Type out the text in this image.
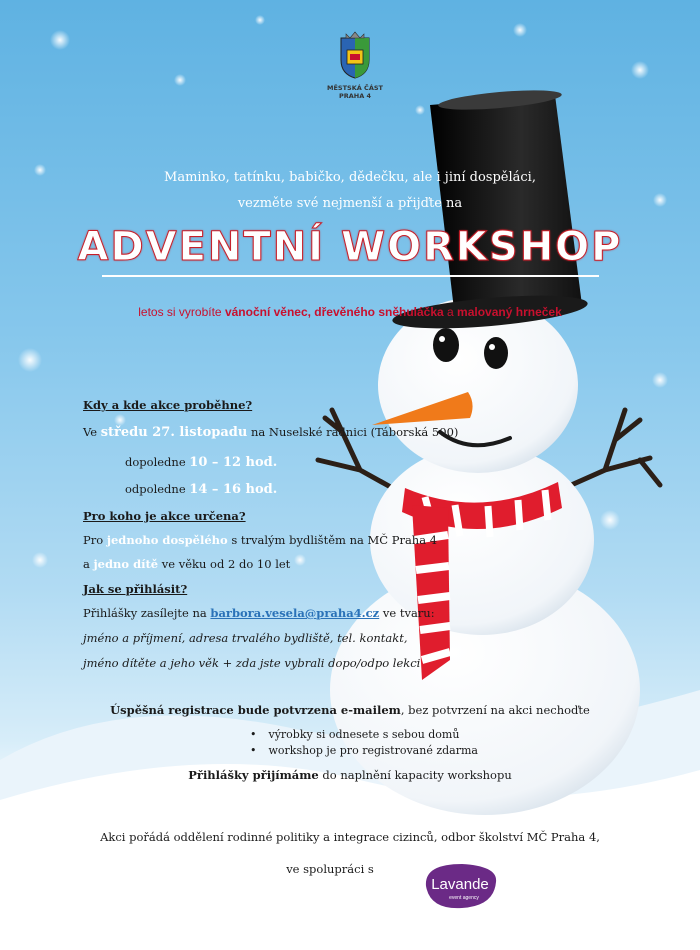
MĚSTSKÁ ČÁST
PRAHA 4

Maminko, tatínku, babičko, dědečku, ale i jiní dospěláci,

vezměte své nejmenší a přijďte na

ADVENTNÍ WORKSHOP

letos si vyrobíte vánoční věnec, dřevěného sněhuláčka a malovaný hrneček

Kdy a kde akce proběhne?

Ve středu 27. listopadu na Nuselské radnici (Táborská 500)

dopoledne 10 – 12 hod.

odpoledne 14 – 16 hod.

Pro koho je akce určena?

Pro jednoho dospělého s trvalým bydlištěm na MČ Praha 4

a jedno dítě ve věku od 2 do 10 let

Jak se přihlásit?

Přihlášky zasílejte na barbora.vesela@praha4.cz ve tvaru:

jméno a příjmení, adresa trvalého bydliště, tel. kontakt,

jméno dítěte a jeho věk + zda jste vybrali dopo/odpo lekci

Úspěšná registrace bude potvrzena e-mailem, bez potvrzení na akci nechoďte

• výrobky si odnesete s sebou domů

• workshop je pro registrované zdarma

Přihlášky přijímáme do naplnění kapacity workshopu

Akci pořádá oddělení rodinné politiky a integrace cizinců, odbor školství MČ Praha 4,

ve spolupráci s

Lavande
event agency
